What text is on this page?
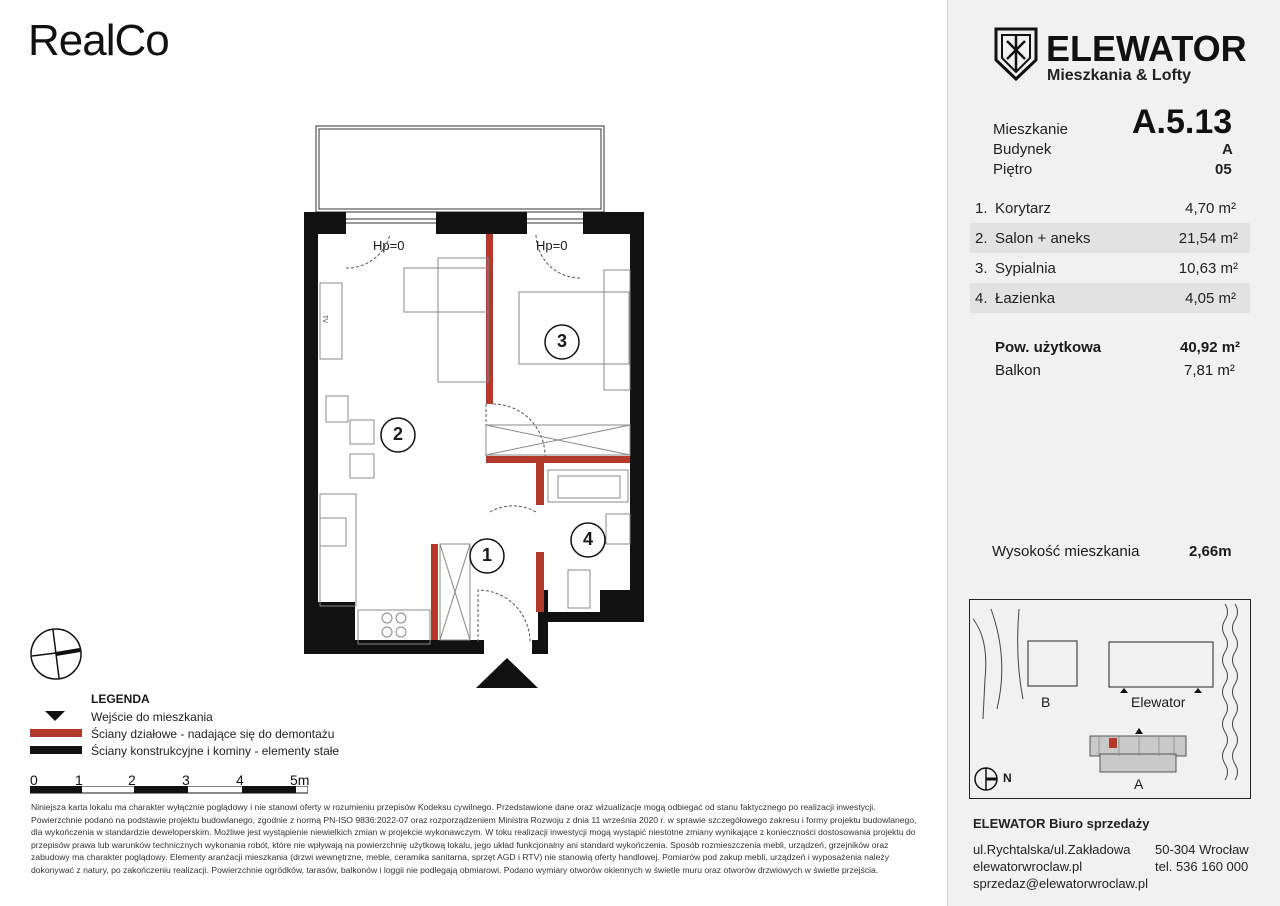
RealCo	ELEWATOR
Mieszkania & Lofty
Mieszkanie A.5.13
Budynek	A
Piętro	05
1. Korytarz	4,70 m²
2. Salon + aneks	21,54 m²
3. Sypialnia	10,63 m²
4. Łazienka	4,05 m²
Pow. użytkowa	40,92 m²
Balkon	7,81 m²
Wysokość mieszkania	2,66m
B	Elewator
A
N
ELEWATOR Biuro sprzedaży
ul.Rychtalska/ul.Zakładowa 50-304 Wrocław
elewatorwroclaw.pl	tel. 536 160 000
sprzedaz@elewatorwroclaw.pl
1
2
3
4
Hp=0	Hp=0
TV
LEGENDA
Wejście do mieszkania
Ściany działowe - nadające się do demontażu
Ściany konstrukcyjne i kominy - elementy stałe
0	1	2	3	4	5m
Niniejsza karta lokalu ma charakter wyłącznie poglądowy i nie stanowi oferty w rozumieniu przepisów Kodeksu cywilnego. Przedstawione dane oraz wizualizacje mogą odbiegać od stanu faktycznego po realizacji inwestycji. Powierzchnie podano na podstawie projektu budowlanego, zgodnie z normą PN-ISO 9836:2022-07 oraz rozporządzeniem Ministra Rozwoju z dnia 11 września 2020 r. w sprawie szczegółowego zakresu i formy projektu budowlanego, dla wykończenia w standardzie deweloperskim. Możliwe jest wystąpienie niewielkich zmian w projekcie wykonawczym. W toku realizacji inwestycji mogą wystąpić niestotne zmiany wynikające z konieczności dostosowania projektu do przepisów prawa lub warunków technicznych wykonania robót, które nie wpływają na powierzchnię użytkową lokalu, jego układ funkcjonalny ani standard wykończenia. Sposób rozmieszczenia mebli, urządzeń, grzejników oraz zabudowy ma charakter poglądowy. Elementy aranżacji mieszkania (drzwi wewnętrzne, meble, ceramika sanitarna, sprzęt AGD i RTV) nie stanowią oferty handlowej. Pomiarów pod zakup mebli, urządzeń i wyposażenia należy dokonywać z natury, po zakończeniu realizacji. Powierzchnie ogródków, tarasów, balkonów i loggii nie podlegają obmiarowi. Podano wymiary otworów okiennych w świetle muru oraz otworów drzwiowych w świetle przejścia.
